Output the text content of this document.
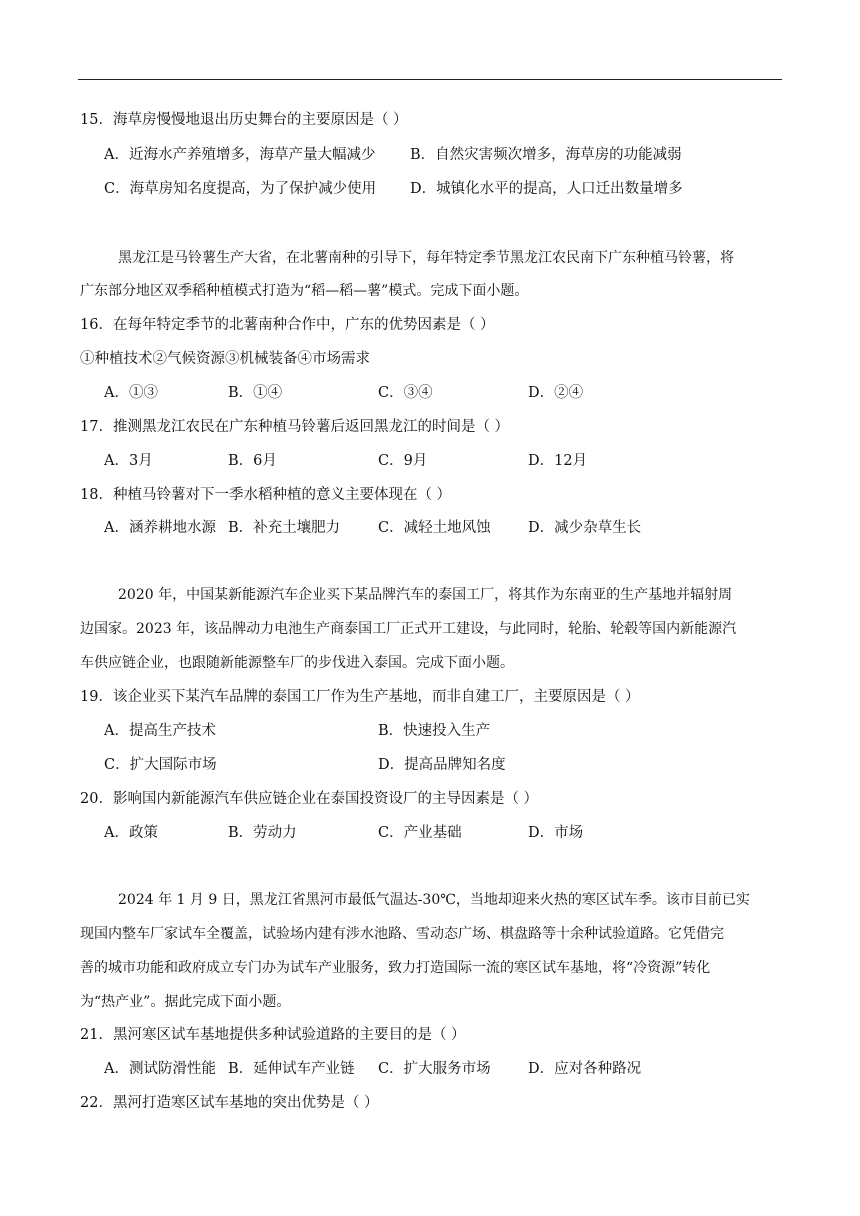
15．海草房慢慢地退出历史舞台的主要原因是（ ）
A．近海水产养殖增多，海草产量大幅减少 B．自然灾害频次增多，海草房的功能减弱
C．海草房知名度提高，为了保护减少使用 D．城镇化水平的提高，人口迁出数量增多
黑龙江是马铃薯生产大省，在北薯南种的引导下，每年特定季节黑龙江农民南下广东种植马铃薯，将
广东部分地区双季稻种植模式打造为“稻—稻—薯”模式。完成下面小题。
16．在每年特定季节的北薯南种合作中，广东的优势因素是（ ）
①种植技术②气候资源③机械装备④市场需求
A．①③	B．①④	C．③④	D．②④
17．推测黑龙江农民在广东种植马铃薯后返回黑龙江的时间是（ ）
A．3月	B．6月	C．9月	D．12月
18．种植马铃薯对下一季水稻种植的意义主要体现在（ ）
A．涵养耕地水源 B．补充土壤肥力	C．减轻土地风蚀	D．减少杂草生长
2020 年，中国某新能源汽车企业买下某品牌汽车的泰国工厂，将其作为东南亚的生产基地并辐射周
边国家。2023 年，该品牌动力电池生产商泰国工厂正式开工建设，与此同时，轮胎、轮毂等国内新能源汽
车供应链企业，也跟随新能源整车厂的步伐进入泰国。完成下面小题。
19．该企业买下某汽车品牌的泰国工厂作为生产基地，而非自建工厂，主要原因是（ ）
A．提高生产技术	B．快速投入生产
C．扩大国际市场	D．提高品牌知名度
20．影响国内新能源汽车供应链企业在泰国投资设厂的主导因素是（ ）
A．政策	B．劳动力	C．产业基础	D．市场
2024 年 1 月 9 日，黑龙江省黑河市最低气温达-30℃，当地却迎来火热的寒区试车季。该市目前已实
现国内整车厂家试车全覆盖，试验场内建有涉水池路、雪动态广场、棋盘路等十余种试验道路。它凭借完
善的城市功能和政府成立专门办为试车产业服务，致力打造国际一流的寒区试车基地，将“冷资源”转化
为“热产业”。据此完成下面小题。
21．黑河寒区试车基地提供多种试验道路的主要目的是（ ）
A．测试防滑性能 B．延伸试车产业链 C．扩大服务市场	D．应对各种路况
22．黑河打造寒区试车基地的突出优势是（ ）
